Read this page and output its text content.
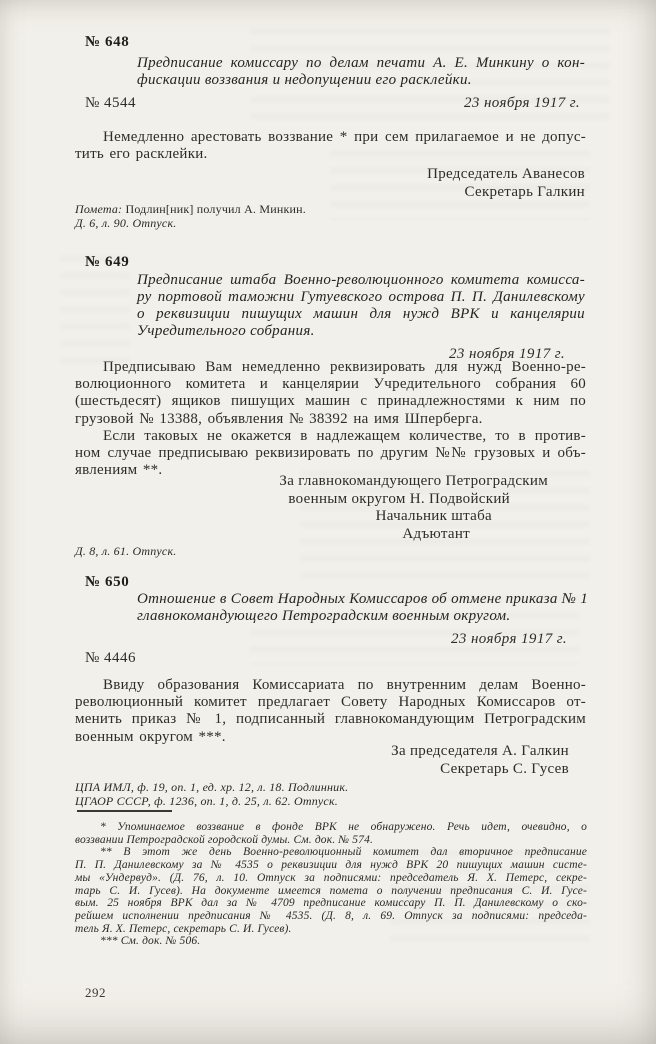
№ 648
Предписание комиссару по делам печати А. Е. Минкину о кон-
фискации воззвания и недопущении его расклейки.
№ 4544	23 ноября 1917 г.
Немедленно арестовать воззвание * при сем прилагаемое и не допус-
тить его расклейки.
Председатель Аванесов
Секретарь Галкин
Помета: Подлин[ник] получил А. Минкин.
Д. 6, л. 90. Отпуск.
№ 649
Предписание штаба Военно-революционного комитета комисса-
ру портовой таможни Гутуевского острова П. П. Данилевскому
о реквизиции пишущих машин для нужд ВРК и канцелярии
Учредительного собрания.
23 ноября 1917 г.
Предписываю Вам немедленно реквизировать для нужд Военно-ре-
волюционного комитета и канцелярии Учредительного собрания 60
(шестьдесят) ящиков пишущих машин с принадлежностями к ним по
грузовой № 13388, объявления № 38392 на имя Шперберга.
Если таковых не окажется в надлежащем количестве, то в против-
ном случае предписываю реквизировать по другим №№ грузовых и объ-
явлениям **.
За главнокомандующего Петроградским
военным округом Н. Подвойский
Начальник штаба
Адъютант
Д. 8, л. 61. Отпуск.
№ 650
Отношение в Совет Народных Комиссаров об отмене приказа № 1
главнокомандующего Петроградским военным округом.
23 ноября 1917 г.
№ 4446
Ввиду образования Комиссариата по внутренним делам Военно-
революционный комитет предлагает Совету Народных Комиссаров от-
менить приказ № 1, подписанный главнокомандующим Петроградским
военным округом ***.
За председателя А. Галкин
Секретарь С. Гусев
ЦПА ИМЛ, ф. 19, оп. 1, ед. хр. 12, л. 18. Подлинник.
ЦГАОР СССР, ф. 1236, оп. 1, д. 25, л. 62. Отпуск.
* Упоминаемое воззвание в фонде ВРК не обнаружено. Речь идет, очевидно, о
воззвании Петроградской городской думы. См. док. № 574.
** В этот же день Военно-революционный комитет дал вторичное предписание
П. П. Данилевскому за № 4535 о реквизиции для нужд ВРК 20 пишущих машин систе-
мы «Ундервуд». (Д. 76, л. 10. Отпуск за подписями: председатель Я. Х. Петерс, секре-
тарь С. И. Гусев). На документе имеется помета о получении предписания С. И. Гусе-
вым. 25 ноября ВРК дал за № 4709 предписание комиссару П. П. Данилевскому о ско-
рейшем исполнении предписания № 4535. (Д. 8, л. 69. Отпуск за подписями: председа-
тель Я. Х. Петерс, секретарь С. И. Гусев).
*** См. док. № 506.
292
